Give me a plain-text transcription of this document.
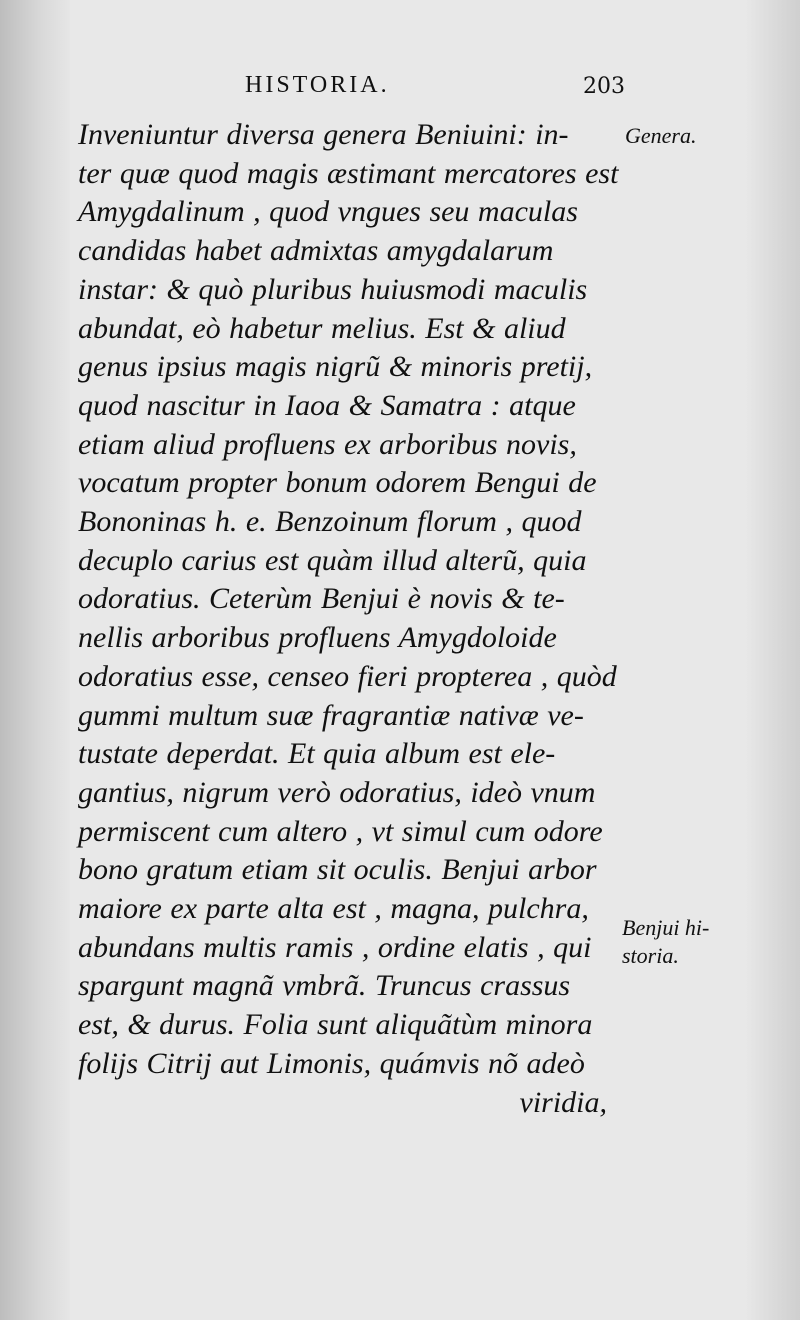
HISTORIA.	203
Inveniuntur diversa genera Beniuini: in-
ter quæ quod magis æstimant mercatores est
Amygdalinum , quod vngues seu maculas
candidas habet admixtas amygdalarum
instar: & quò pluribus huiusmodi maculis
abundat, eò habetur melius. Est & aliud
genus ipsius magis nigrũ & minoris pretij,
quod nascitur in Iaoa & Samatra : atque
etiam aliud profluens ex arboribus novis,
vocatum propter bonum odorem Bengui de
Bononinas h. e. Benzoinum florum , quod
decuplo carius est quàm illud alterũ, quia
odoratius. Ceterùm Benjui è novis & te-
nellis arboribus profluens Amygdoloide
odoratius esse, censeo fieri propterea , quòd
gummi multum suæ fragrantiæ nativæ ve-
tustate deperdat. Et quia album est ele-
gantius, nigrum verò odoratius, ideò vnum
permiscent cum altero , vt simul cum odore
bono gratum etiam sit oculis. Benjui arbor
maiore ex parte alta est , magna, pulchra,
abundans multis ramis , ordine elatis , qui
spargunt magnã vmbrã. Truncus crassus
est, & durus. Folia sunt aliquãtùm minora
folijs Citrij aut Limonis, quámvis nõ adeò
viridia,
Genera.
Benjui hi-
storia.
